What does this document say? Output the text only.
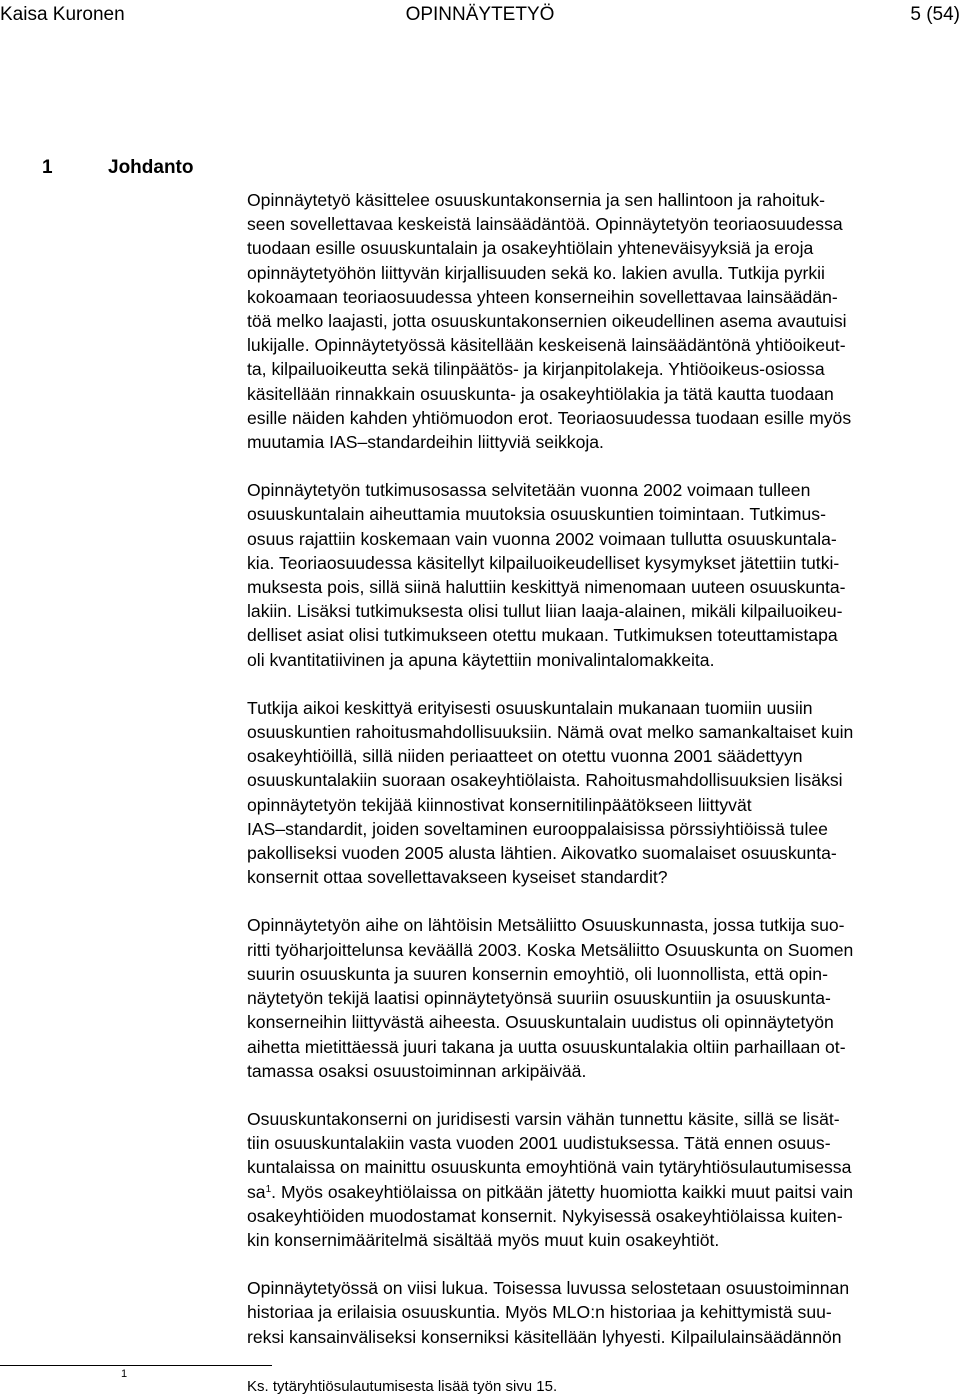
Kaisa Kuronen	OPINNÄYTETYÖ	5 (54)
1	Johdanto
Opinnäytetyö käsittelee osuuskuntakonsernia ja sen hallintoon ja rahoituk-
seen sovellettavaa keskeistä lainsäädäntöä. Opinnäytetyön teoriaosuudessa
tuodaan esille osuuskuntalain ja osakeyhtiölain yhteneväisyyksiä ja eroja
opinnäytetyöhön liittyvän kirjallisuuden sekä ko. lakien avulla. Tutkija pyrkii
kokoamaan teoriaosuudessa yhteen konserneihin sovellettavaa lainsäädän-
töä melko laajasti, jotta osuuskuntakonsernien oikeudellinen asema avautuisi
lukijalle. Opinnäytetyössä käsitellään keskeisenä lainsäädäntönä yhtiöoikeut-
ta, kilpailuoikeutta sekä tilinpäätös- ja kirjanpitolakeja. Yhtiöoikeus-osiossa
käsitellään rinnakkain osuuskunta- ja osakeyhtiölakia ja tätä kautta tuodaan
esille näiden kahden yhtiömuodon erot. Teoriaosuudessa tuodaan esille myös
muutamia IAS–standardeihin liittyviä seikkoja.
Opinnäytetyön tutkimusosassa selvitetään vuonna 2002 voimaan tulleen
osuuskuntalain aiheuttamia muutoksia osuuskuntien toimintaan. Tutkimus-
osuus rajattiin koskemaan vain vuonna 2002 voimaan tullutta osuuskuntala-
kia. Teoriaosuudessa käsitellyt kilpailuoikeudelliset kysymykset jätettiin tutki-
muksesta pois, sillä siinä haluttiin keskittyä nimenomaan uuteen osuuskunta-
lakiin. Lisäksi tutkimuksesta olisi tullut liian laaja-alainen, mikäli kilpailuoikeu-
delliset asiat olisi tutkimukseen otettu mukaan. Tutkimuksen toteuttamistapa
oli kvantitatiivinen ja apuna käytettiin monivalintalomakkeita.
Tutkija aikoi keskittyä erityisesti osuuskuntalain mukanaan tuomiin uusiin
osuuskuntien rahoitusmahdollisuuksiin. Nämä ovat melko samankaltaiset kuin
osakeyhtiöillä, sillä niiden periaatteet on otettu vuonna 2001 säädettyyn
osuuskuntalakiin suoraan osakeyhtiölaista. Rahoitusmahdollisuuksien lisäksi
opinnäytetyön tekijää kiinnostivat konsernitilinpäätökseen liittyvät
IAS–standardit, joiden soveltaminen eurooppalaisissa pörssiyhtiöissä tulee
pakolliseksi vuoden 2005 alusta lähtien. Aikovatko suomalaiset osuuskunta-
konsernit ottaa sovellettavakseen kyseiset standardit?
Opinnäytetyön aihe on lähtöisin Metsäliitto Osuuskunnasta, jossa tutkija suo-
ritti työharjoittelunsa keväällä 2003. Koska Metsäliitto Osuuskunta on Suomen
suurin osuuskunta ja suuren konsernin emoyhtiö, oli luonnollista, että opin-
näytetyön tekijä laatisi opinnäytetyönsä suuriin osuuskuntiin ja osuuskunta-
konserneihin liittyvästä aiheesta. Osuuskuntalain uudistus oli opinnäytetyön
aihetta mietittäessä juuri takana ja uutta osuuskuntalakia oltiin parhaillaan ot-
tamassa osaksi osuustoiminnan arkipäivää.
Osuuskuntakonserni on juridisesti varsin vähän tunnettu käsite, sillä se lisät-
tiin osuuskuntalakiin vasta vuoden 2001 uudistuksessa. Tätä ennen osuus-
kuntalaissa on mainittu osuuskunta emoyhtiönä vain tytäryhtiösulautumisessa
$sa^1$. Myös osakeyhtiölaissa on pitkään jätetty huomiotta kaikki muut paitsi vain
osakeyhtiöiden muodostamat konsernit. Nykyisessä osakeyhtiölaissa kuiten-
kin konsernimääritelmä sisältää myös muut kuin osakeyhtiöt.
Opinnäytetyössä on viisi lukua. Toisessa luvussa selostetaan osuustoiminnan
historiaa ja erilaisia osuuskuntia. Myös MLO:n historiaa ja kehittymistä suu-
reksi kansainväliseksi konserniksi käsitellään lyhyesti. Kilpailulainsäädännön
1
Ks. tytäryhtiösulautumisesta lisää työn sivu 15.
